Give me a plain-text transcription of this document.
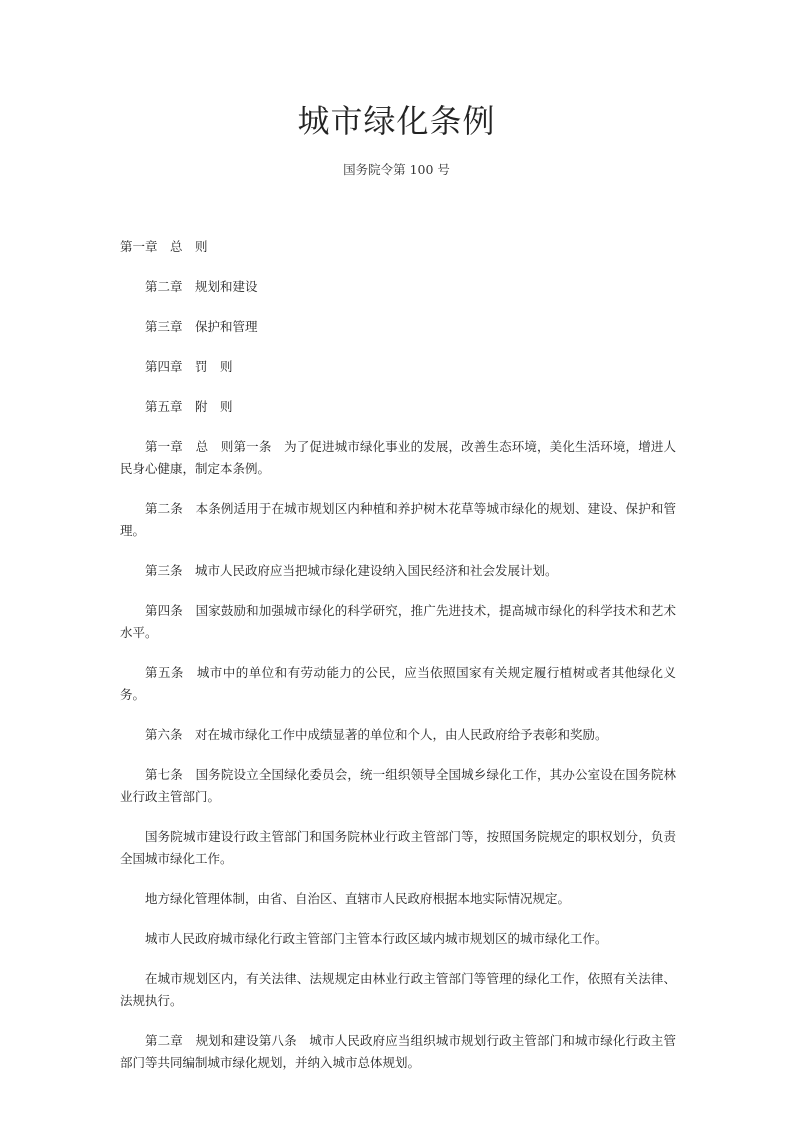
城市绿化条例
国务院令第 100 号

第一章　总　则

第二章　规划和建设

第三章　保护和管理

第四章　罚　则

第五章　附　则

第一章　总　则第一条　为了促进城市绿化事业的发展，改善生态环境，美化生活环境，增进人民身心健康，制定本条例。

第二条　本条例适用于在城市规划区内种植和养护树木花草等城市绿化的规划、建设、保护和管理。

第三条　城市人民政府应当把城市绿化建设纳入国民经济和社会发展计划。

第四条　国家鼓励和加强城市绿化的科学研究，推广先进技术，提高城市绿化的科学技术和艺术水平。

第五条　城市中的单位和有劳动能力的公民，应当依照国家有关规定履行植树或者其他绿化义务。

第六条　对在城市绿化工作中成绩显著的单位和个人，由人民政府给予表彰和奖励。

第七条　国务院设立全国绿化委员会，统一组织领导全国城乡绿化工作，其办公室设在国务院林业行政主管部门。

国务院城市建设行政主管部门和国务院林业行政主管部门等，按照国务院规定的职权划分，负责全国城市绿化工作。

地方绿化管理体制，由省、自治区、直辖市人民政府根据本地实际情况规定。

城市人民政府城市绿化行政主管部门主管本行政区域内城市规划区的城市绿化工作。

在城市规划区内，有关法律、法规规定由林业行政主管部门等管理的绿化工作，依照有关法律、法规执行。

第二章　规划和建设第八条　城市人民政府应当组织城市规划行政主管部门和城市绿化行政主管部门等共同编制城市绿化规划，并纳入城市总体规划。
